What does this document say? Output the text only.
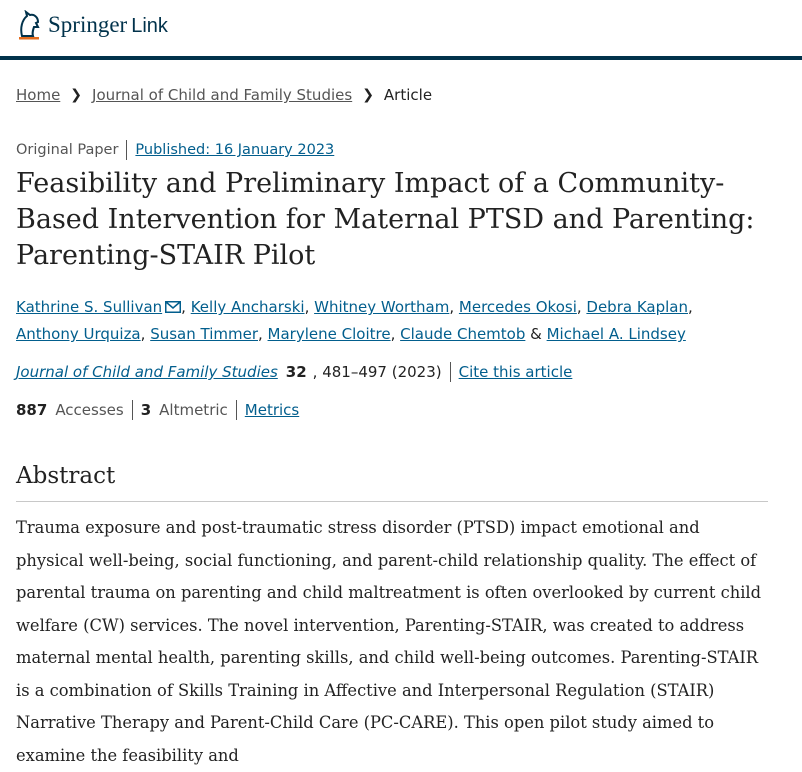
Springer Link
Home ❯ Journal of Child and Family Studies ❯ Article
Original Paper Published: 16 January 2023
Feasibility and Preliminary Impact of a Community-Based Intervention for Maternal PTSD and Parenting: Parenting-STAIR Pilot
Kathrine S. Sullivan , Kelly Ancharski, Whitney Wortham, Mercedes Okosi, Debra Kaplan, Anthony Urquiza, Susan Timmer, Marylene Cloitre, Claude Chemtob & Michael A. Lindsey
Journal of Child and Family Studies 32 , 481–497 (2023) Cite this article
887 Accesses 3 Altmetric Metrics
Abstract

Trauma exposure and post-traumatic stress disorder (PTSD) impact emotional and physical well-being, social functioning, and parent-child relationship quality. The effect of parental trauma on parenting and child maltreatment is often overlooked by current child welfare (CW) services. The novel intervention, Parenting-STAIR, was created to address maternal mental health, parenting skills, and child well-being outcomes. Parenting-STAIR is a combination of Skills Training in Affective and Interpersonal Regulation (STAIR) Narrative Therapy and Parent-Child Care (PC-CARE). This open pilot study aimed to examine the feasibility and
